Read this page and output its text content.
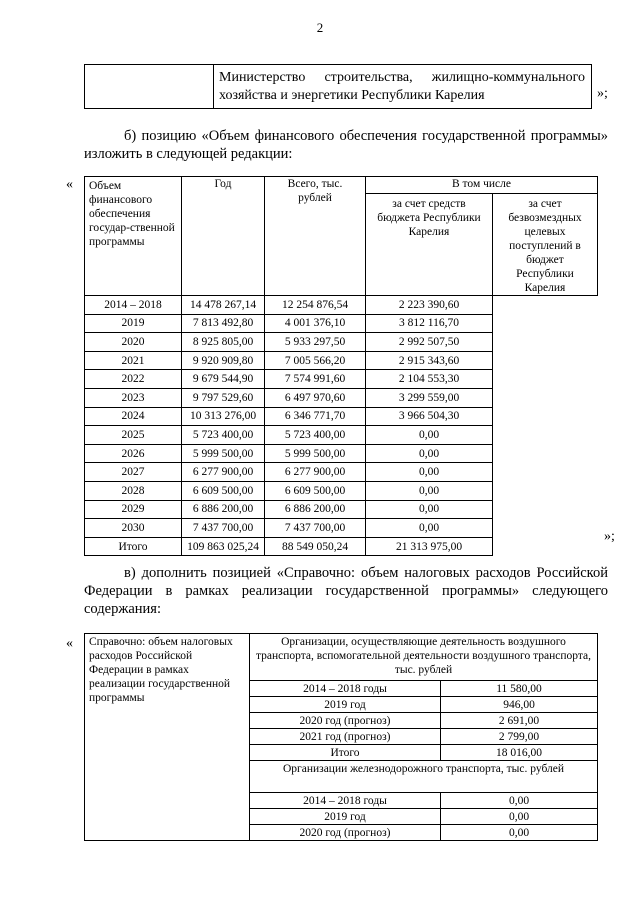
2

Министерство строительства, жилищно-коммунального хозяйства и энергетики Республики Карелия	»;
б) позицию «Объем финансового обеспечения государственной программы» изложить в следующей редакции:
« Объем финансового обеспечения государ-ственной программы	Год	Всего, тыс. рублей	В том числе	
			за счет средств бюджета Республики Карелия	за счет безвозмездных целевых поступлений в бюджет Республики Карелия
2014 – 2018	14 478 267,14	12 254 876,54	2 223 390,60	
2019	7 813 492,80	4 001 376,10	3 812 116,70	
2020	8 925 805,00	5 933 297,50	2 992 507,50	
2021	9 920 909,80	7 005 566,20	2 915 343,60	
2022	9 679 544,90	7 574 991,60	2 104 553,30	
2023	9 797 529,60	6 497 970,60	3 299 559,00	
2024	10 313 276,00	6 346 771,70	3 966 504,30	
2025	5 723 400,00	5 723 400,00	0,00	
2026	5 999 500,00	5 999 500,00	0,00	
2027	6 277 900,00	6 277 900,00	0,00	
2028	6 609 500,00	6 609 500,00	0,00	
2029	6 886 200,00	6 886 200,00	0,00	
2030	7 437 700,00	7 437 700,00	0,00	
Итого	109 863 025,24	88 549 050,24	21 313 975,00	
»;
в) дополнить позицией «Справочно: объем налоговых расходов Российской Федерации в рамках реализации государственной программы» следующего содержания:
« Справочно: объем налоговых расходов Российской Федерации в рамках реализации государственной программы	Организации, осуществляющие деятельность воздушного транспорта, вспомогательной деятельности воздушного транспорта, тыс. рублей	
	2014 – 2018 годы	11 580,00
	2019 год	946,00
	2020 год (прогноз)	2 691,00
	2021 год (прогноз)	2 799,00
	Итого	18 016,00
	Организации железнодорожного транспорта, тыс. рублей	
	2014 – 2018 годы	0,00
	2019 год	0,00
	2020 год (прогноз)	0,00
